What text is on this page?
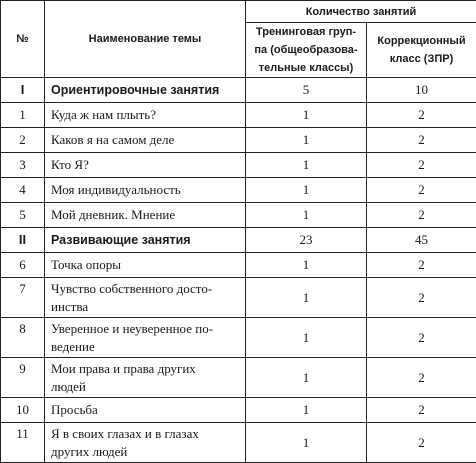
№	Наименование темы	Количество занятий	

		Тренинговая груп-
па (общеобразова-
тельные классы)	Коррекционный
класс (ЗПР)

I	Ориентировочные занятия	5	10
1	Куда ж нам плыть?	1	2
2	Каков я на самом деле	1	2
3	Кто Я?	1	2
4	Моя индивидуальность	1	2
5	Мой дневник. Мнение	1	2
II	Развивающие занятия	23	45
6	Точка опоры	1	2
7	Чувство собственного досто-
инства	1	2
8	Уверенное и неуверенное по-
ведение	1	2
9	Мои права и права других
людей	1	2
10	Просьба	1	2
11	Я в своих глазах и в глазах
других людей	1	2
